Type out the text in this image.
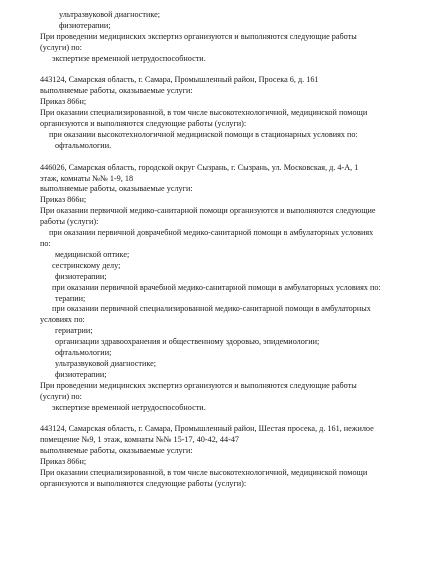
ультразвуковой диагностике;
физиотерапии;
При проведении медицинских экспертиз организуются и выполняются следующие работы
(услуги) по:
экспертизе временной нетрудоспособности.
443124, Самарская область, г. Самара, Промышленный район, Просека 6, д. 161
выполняемые работы, оказываемые услуги:
Приказ 866н;
При оказании специализированной, в том числе высокотехнологичной, медицинской помощи
организуются и выполняются следующие работы (услуги):
при оказании высокотехнологичной медицинской помощи в стационарных условиях по:
офтальмологии.
446026, Самарская область, городской округ Сызрань, г. Сызрань, ул. Московская, д. 4-А, 1
этаж, комнаты №№ 1-9, 18
выполняемые работы, оказываемые услуги:
Приказ 866н;
При оказании первичной медико-санитарной помощи организуются и выполняются следующие
работы (услуги):
при оказании первичной доврачебной медико-санитарной помощи в амбулаторных условиях
по:
медицинской оптике;
сестринскому делу;
физиотерапии;
при оказании первичной врачебной медико-санитарной помощи в амбулаторных условиях по:
терапии;
при оказании первичной специализированной медико-санитарной помощи в амбулаторных
условиях по:
гериатрии;
организации здравоохранения и общественному здоровью, эпидемиологии;
офтальмологии;
ультразвуковой диагностике;
физиотерапии;
При проведении медицинских экспертиз организуются и выполняются следующие работы
(услуги) по:
экспертизе временной нетрудоспособности.
443124, Самарская область, г. Самара, Промышленный район, Шестая просека, д. 161, нежилое
помещение №9, 1 этаж, комнаты №№ 15-17, 40-42, 44-47
выполняемые работы, оказываемые услуги:
Приказ 866н;
При оказании специализированной, в том числе высокотехнологичной, медицинской помощи
организуются и выполняются следующие работы (услуги):
